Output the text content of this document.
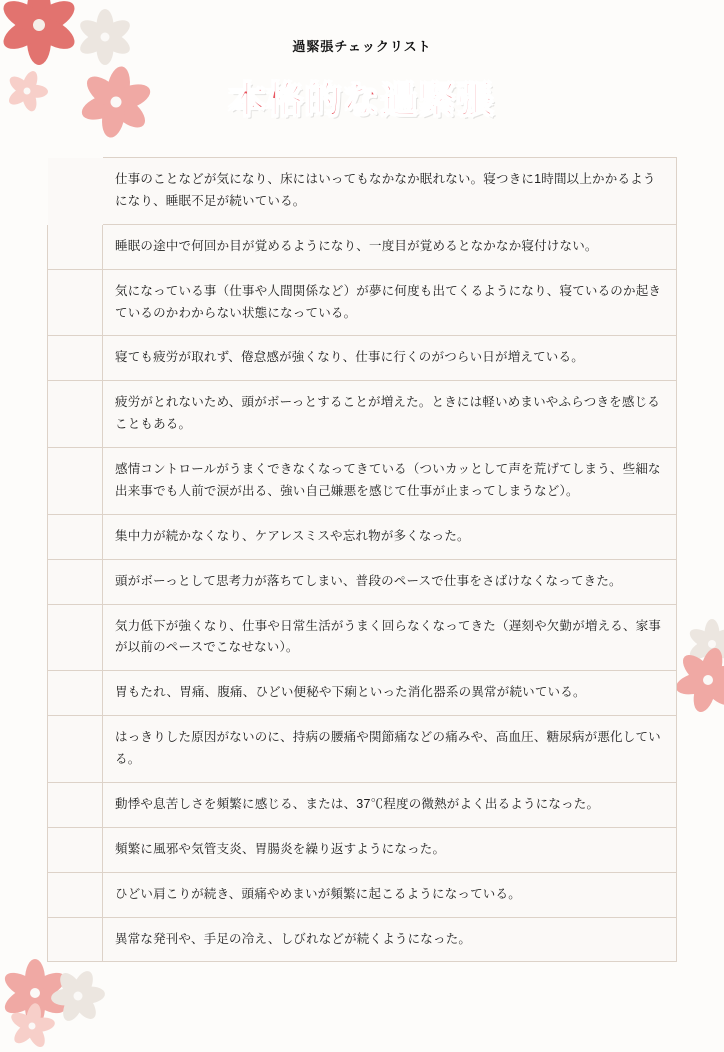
過緊張チェックリスト
本格的な過緊張
	仕事のことなどが気になり、床にはいってもなかなか眠れない。寝つきに1時間以上かかるようになり、睡眠不足が続いている。
	睡眠の途中で何回か目が覚めるようになり、一度目が覚めるとなかなか寝付けない。
	気になっている事（仕事や人間関係など）が夢に何度も出てくるようになり、寝ているのか起きているのかわからない状態になっている。
	寝ても疲労が取れず、倦怠感が強くなり、仕事に行くのがつらい日が増えている。
	疲労がとれないため、頭がボーっとすることが増えた。ときには軽いめまいやふらつきを感じることもある。
	感情コントロールがうまくできなくなってきている（ついカッとして声を荒げてしまう、些細な出来事でも人前で涙が出る、強い自己嫌悪を感じて仕事が止まってしまうなど）。
	集中力が続かなくなり、ケアレスミスや忘れ物が多くなった。
	頭がボーっとして思考力が落ちてしまい、普段のペースで仕事をさばけなくなってきた。
	気力低下が強くなり、仕事や日常生活がうまく回らなくなってきた（遅刻や欠勤が増える、家事が以前のペースでこなせない）。
	胃もたれ、胃痛、腹痛、ひどい便秘や下痢といった消化器系の異常が続いている。
	はっきりした原因がないのに、持病の腰痛や関節痛などの痛みや、高血圧、糖尿病が悪化している。
	動悸や息苦しさを頻繁に感じる、または、37℃程度の微熱がよく出るようになった。
	頻繁に風邪や気管支炎、胃腸炎を繰り返すようになった。
	ひどい肩こりが続き、頭痛やめまいが頻繁に起こるようになっている。
	異常な発刊や、手足の冷え、しびれなどが続くようになった。
